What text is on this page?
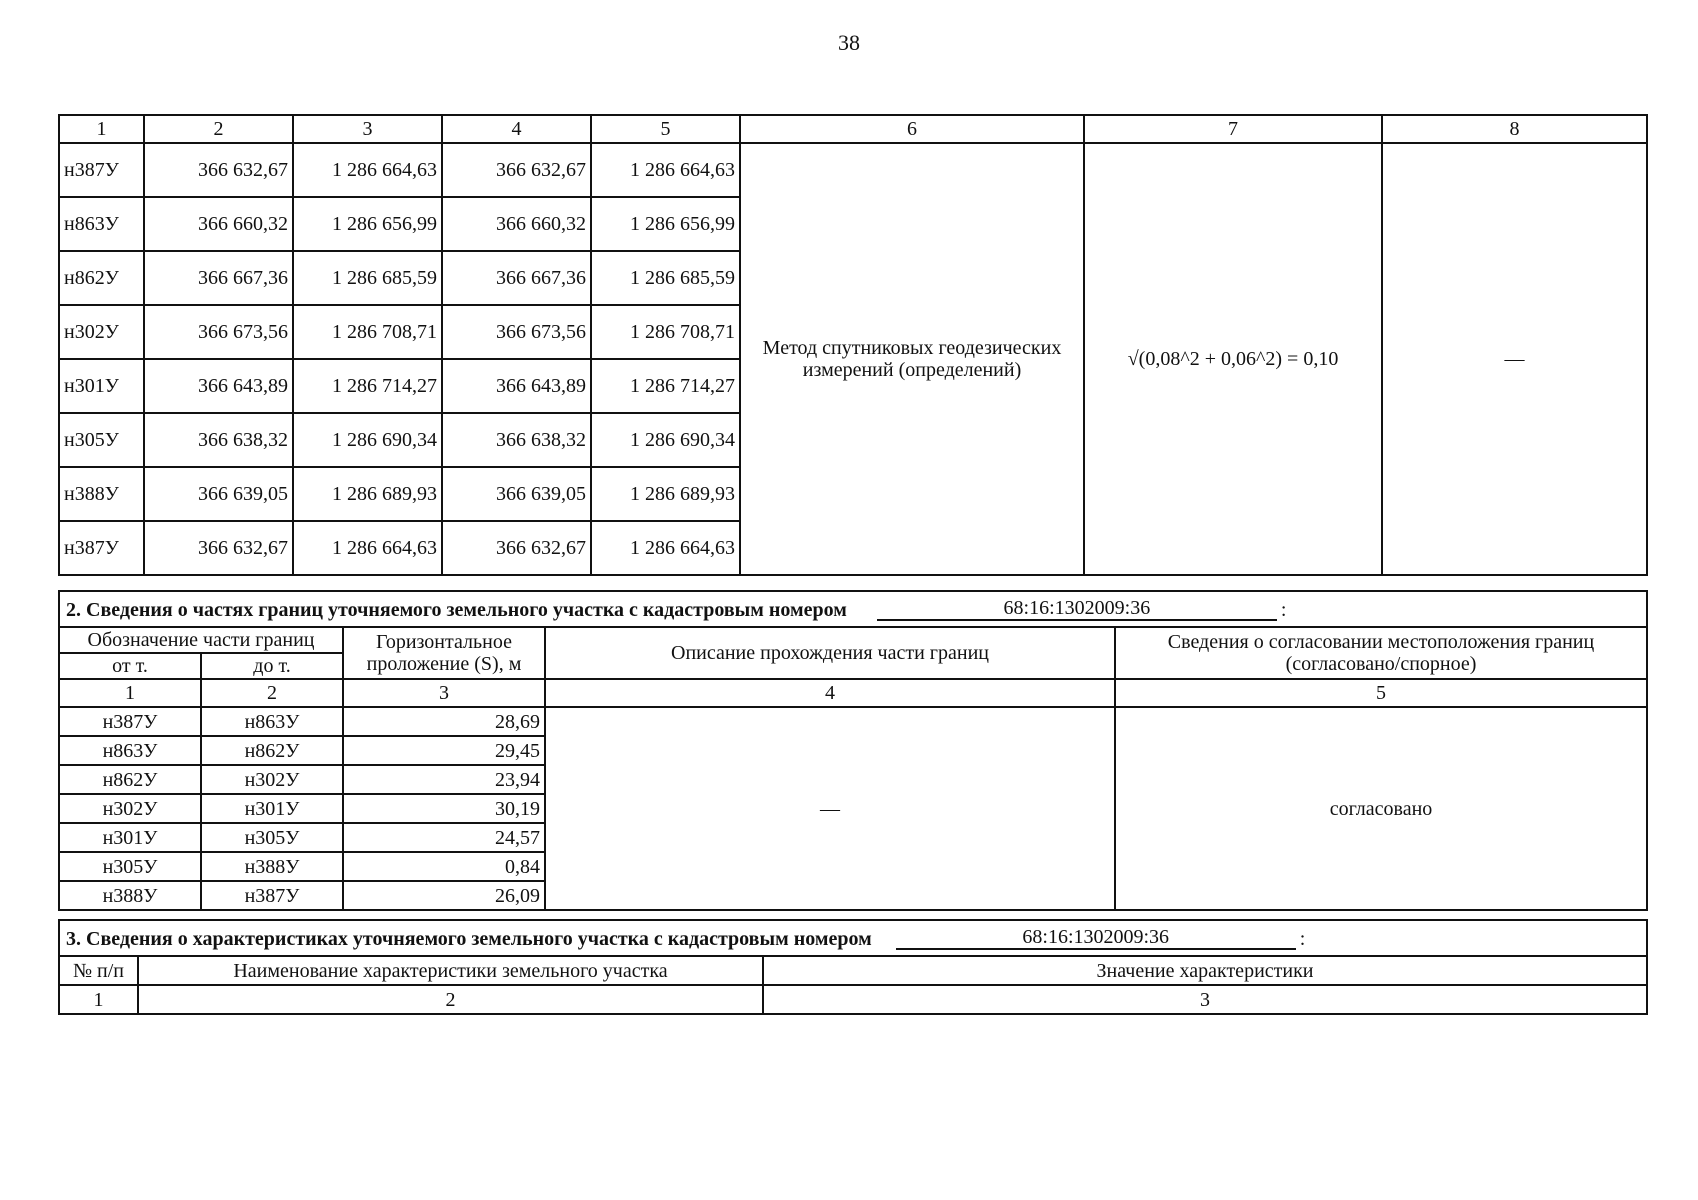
38
1	2	3	4	5	6	7	8
н387У	366 632,67	1 286 664,63	366 632,67	1 286 664,63	Метод спутниковых геодезических измерений (определений)	√(0,08^2 + 0,06^2) = 0,10	—
н863У	366 660,32	1 286 656,99	366 660,32	1 286 656,99			
н862У	366 667,36	1 286 685,59	366 667,36	1 286 685,59			
н302У	366 673,56	1 286 708,71	366 673,56	1 286 708,71			
н301У	366 643,89	1 286 714,27	366 643,89	1 286 714,27			
н305У	366 638,32	1 286 690,34	366 638,32	1 286 690,34			
н388У	366 639,05	1 286 689,93	366 639,05	1 286 689,93			
н387У	366 632,67	1 286 664,63	366 632,67	1 286 664,63			
2. Сведения о частях границ уточняемого земельного участка с кадастровым номером 68:16:1302009:36 :				

Обозначение части границ		Горизонтальное проложение (S), м	Описание прохождения части границ	Сведения о согласовании местоположения границ (согласовано/спорное)
от т.	до т.			
1	2	3	4	5
н387У	н863У	28,69	—	согласовано
н863У	н862У	29,45		
н862У	н302У	23,94		
н302У	н301У	30,19		
н301У	н305У	24,57		
н305У	н388У	0,84		
н388У	н387У	26,09		
3. Сведения о характеристиках уточняемого земельного участка с кадастровым номером 68:16:1302009:36 :		

№ п/п	Наименование характеристики земельного участка	Значение характеристики
1	2	3
